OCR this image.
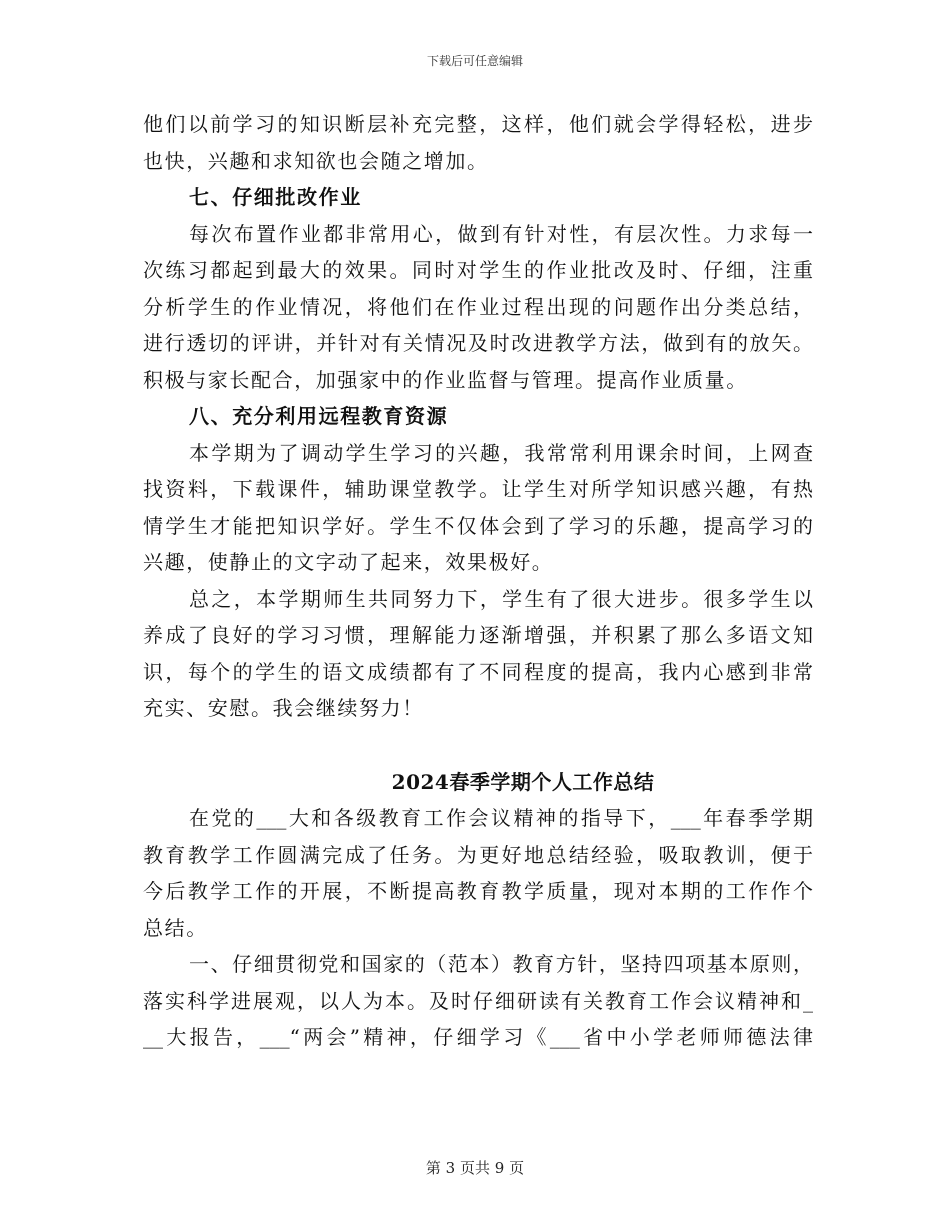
下载后可任意编辑
他们以前学习的知识断层补充完整，这样，他们就会学得轻松，进步
也快，兴趣和求知欲也会随之增加。
七、仔细批改作业
每次布置作业都非常用心，做到有针对性，有层次性。力求每一
次练习都起到最大的效果。同时对学生的作业批改及时、仔细，注重
分析学生的作业情况，将他们在作业过程出现的问题作出分类总结，
进行透切的评讲，并针对有关情况及时改进教学方法，做到有的放矢。
积极与家长配合，加强家中的作业监督与管理。提高作业质量。
八、充分利用远程教育资源
本学期为了调动学生学习的兴趣，我常常利用课余时间，上网查
找资料，下载课件，辅助课堂教学。让学生对所学知识感兴趣，有热
情学生才能把知识学好。学生不仅体会到了学习的乐趣，提高学习的
兴趣，使静止的文字动了起来，效果极好。
总之，本学期师生共同努力下，学生有了很大进步。很多学生以
养成了良好的学习习惯，理解能力逐渐增强，并积累了那么多语文知
识，每个的学生的语文成绩都有了不同程度的提高，我内心感到非常
充实、安慰。我会继续努力！
2024春季学期个人工作总结
在党的___大和各级教育工作会议精神的指导下，___年春季学期
教育教学工作圆满完成了任务。为更好地总结经验，吸取教训，便于
今后教学工作的开展，不断提高教育教学质量，现对本期的工作作个
总结。
一、仔细贯彻党和国家的（范本）教育方针，坚持四项基本原则，
落实科学进展观，以人为本。及时仔细研读有关教育工作会议精神和_
__大报告，___“两会”精神，仔细学习《___省中小学老师师德法律
第 3 页共 9 页
